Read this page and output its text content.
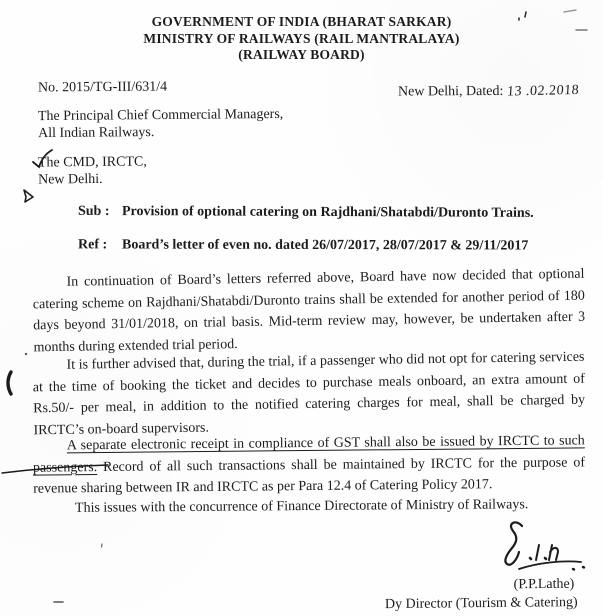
GOVERNMENT OF INDIA (BHARAT SARKAR)
MINISTRY OF RAILWAYS (RAIL MANTRALAYA)
(RAILWAY BOARD)
No. 2015/TG-III/631/4	New Delhi, Dated: 13 .02.2018
The Principal Chief Commercial Managers,
All Indian Railways.
The CMD, IRCTC,
New Delhi.
Sub : Provision of optional catering on Rajdhani/Shatabdi/Duronto Trains.
Ref :	Board’s letter of even no. dated 26/07/2017, 28/07/2017 & 29/11/2017
In continuation of Board’s letters referred above, Board have now decided that optional catering scheme on Rajdhani/Shatabdi/Duronto trains shall be extended for another period of 180 days beyond 31/01/2018, on trial basis. Mid-term review may, however, be undertaken after 3 months during extended trial period.
It is further advised that, during the trial, if a passenger who did not opt for catering services at the time of booking the ticket and decides to purchase meals onboard, an extra amount of Rs.50/- per meal, in addition to the notified catering charges for meal, shall be charged by IRCTC’s on-board supervisors.
A separate electronic receipt in compliance of GST shall also be issued by IRCTC to such passengers. Record of all such transactions shall be maintained by IRCTC for the purpose of revenue sharing between IR and IRCTC as per Para 12.4 of Catering Policy 2017.
This issues with the concurrence of Finance Directorate of Ministry of Railways.
(P.P.Lathe)
Dy Director (Tourism & Catering)
